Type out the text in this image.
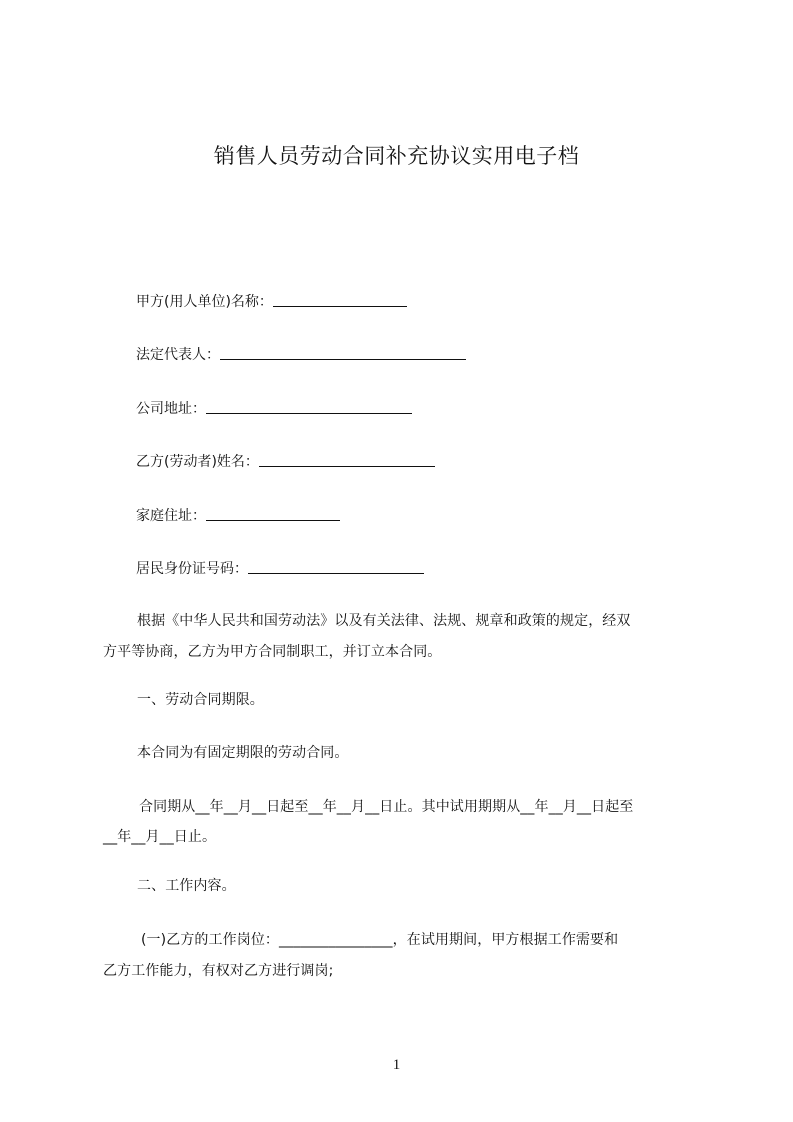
销售人员劳动合同补充协议实用电子档
甲方(用人单位)名称：
法定代表人：
公司地址：
乙方(劳动者)姓名：
家庭住址：
居民身份证号码：
根据《中华人民共和国劳动法》以及有关法律、法规、规章和政策的规定，经双
方平等协商，乙方为甲方合同制职工，并订立本合同。
一、劳动合同期限。
本合同为有固定期限的劳动合同。
合同期从__年__月__日起至__年__月__日止。其中试用期期从__年__月__日起至
__年__月__日止。
二、工作内容。
(一)乙方的工作岗位：________________，在试用期间，甲方根据工作需要和
乙方工作能力，有权对乙方进行调岗;
1
